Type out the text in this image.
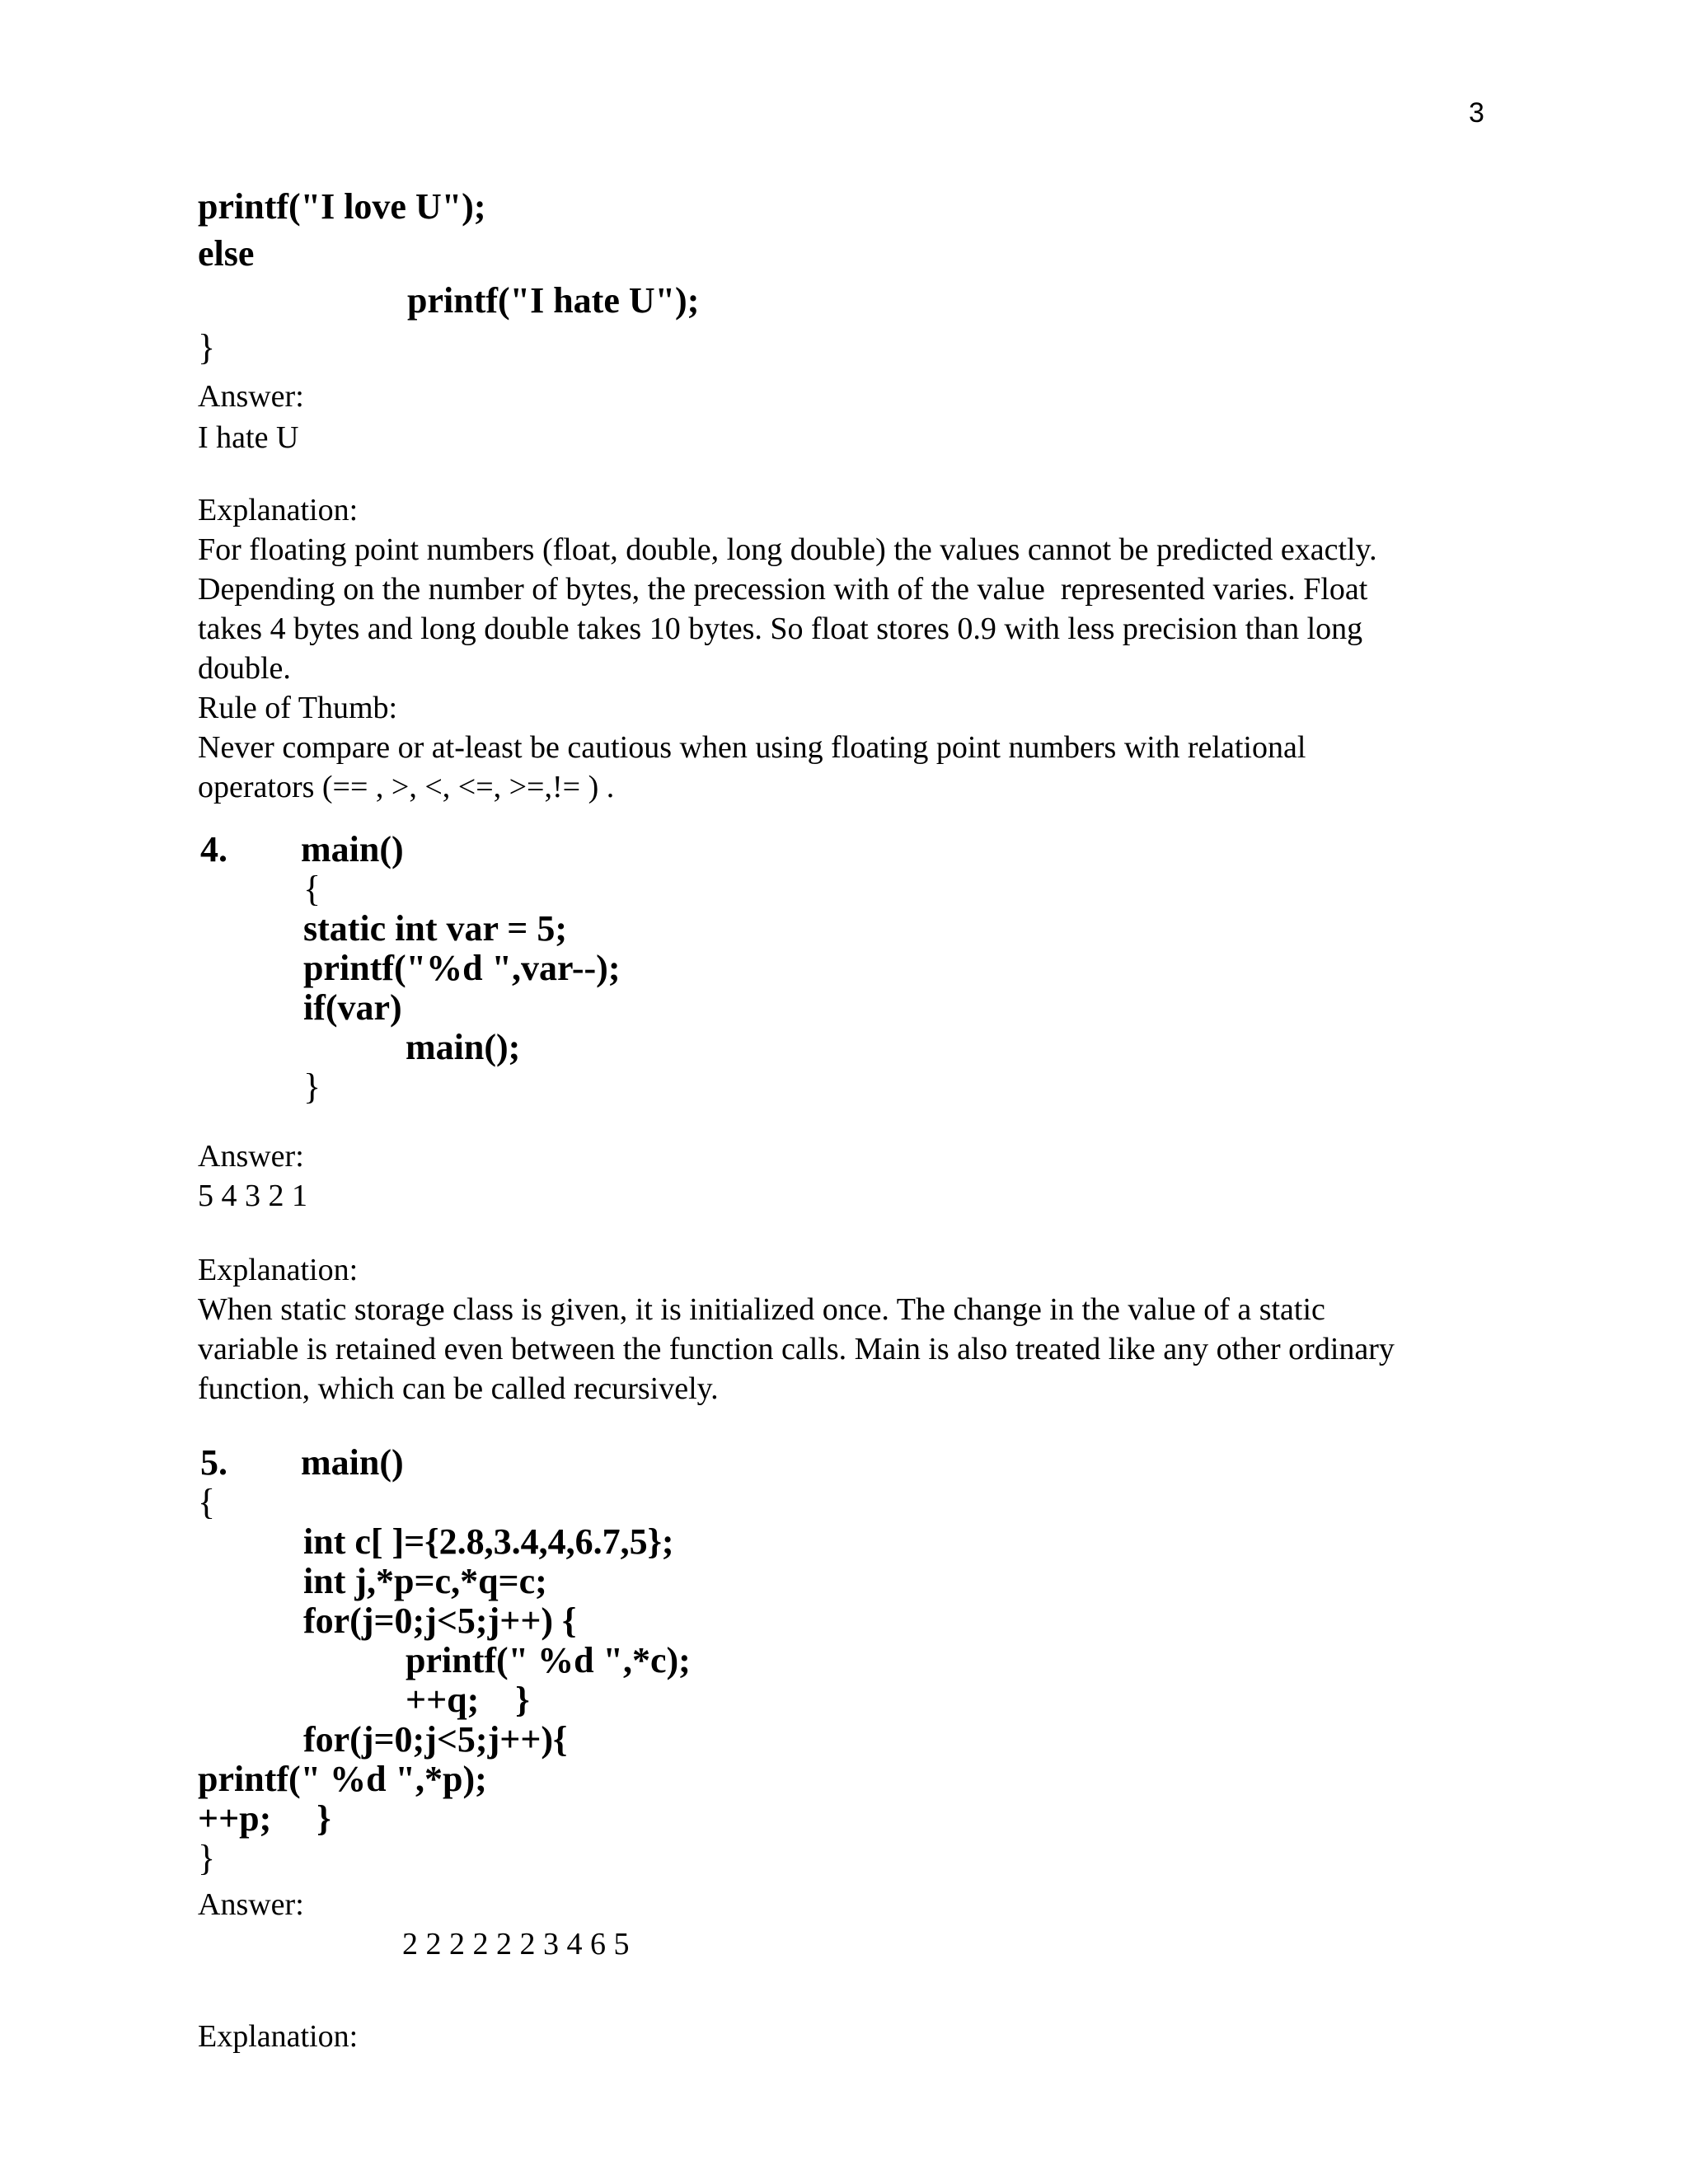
3
printf("I love U");
else
printf("I hate U");
}
Answer:
I hate U
Explanation:
For floating point numbers (float, double, long double) the values cannot be predicted exactly.
Depending on the number of bytes, the precession with of the value  represented varies. Float
takes 4 bytes and long double takes 10 bytes. So float stores 0.9 with less precision than long
double.
Rule of Thumb:
Never compare or at-least be cautious when using floating point numbers with relational
operators (== , >, <, <=, >=,!= ) .
4. main()
{
static int var = 5;
printf("%d ",var--);
if(var)
main();
}
Answer:
5 4 3 2 1
Explanation:
When static storage class is given, it is initialized once. The change in the value of a static
variable is retained even between the function calls. Main is also treated like any other ordinary
function, which can be called recursively.
5. main()
{
int c[ ]={2.8,3.4,4,6.7,5};
int j,*p=c,*q=c;
for(j=0;j<5;j++) {
printf(" %d ",*c);
++q;    }
for(j=0;j<5;j++){
printf(" %d ",*p);
++p;     }
}
Answer:
2 2 2 2 2 2 3 4 6 5
Explanation:
